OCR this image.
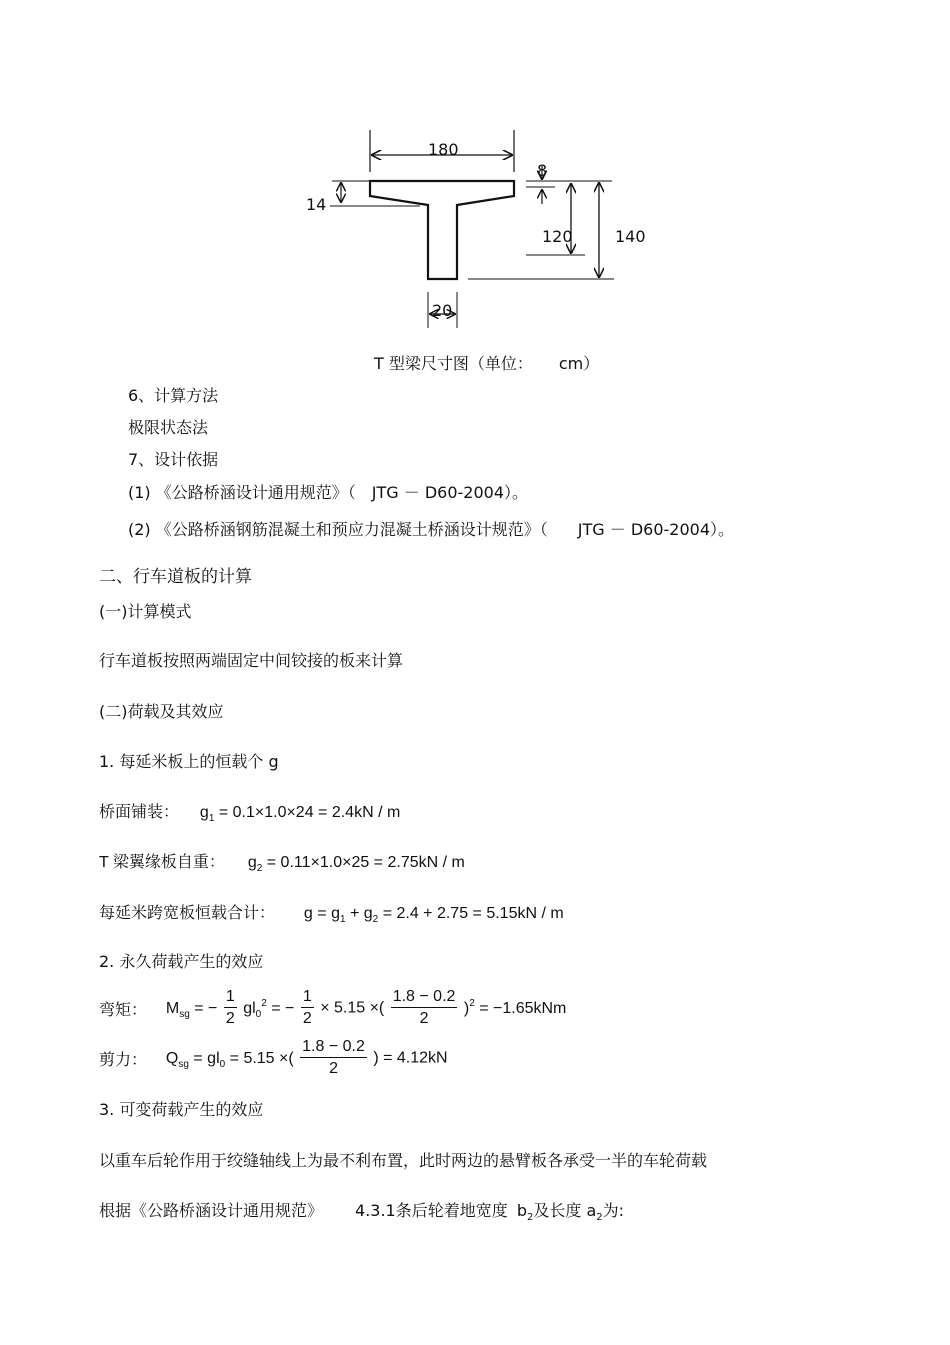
180
8
14
120	140
20
T 型梁尺寸图（单位： cm）
6、计算方法
极限状态法
7、设计依据
(1) 《公路桥涵设计通用规范》（ JTG － D60-2004）。
(2) 《公路桥涵钢筋混凝土和预应力混凝土桥涵设计规范》（ JTG － D60-2004）。
二、行车道板的计算
(一)计算模式
行车道板按照两端固定中间铰接的板来计算
(二)荷载及其效应
1. 每延米板上的恒载个 g
桥面铺装： $g_1 = 0.1\times 1.0\times 24 = 2.4kN / m$
T 梁翼缘板自重： $g_2 = 0.11\times 1.0\times 25 = 2.75kN / m$
每延米跨宽板恒载合计： $g = g_1 + g_2 = 2.4 + 2.75 = 5.15kN / m$
2. 永久荷载产生的效应
弯矩： $M_{sg}$ = − $\frac{1}{2} gl_0^2$ = − $\frac{1}{2} \times 5.15$ ×( $\frac{1.8 - 0.2}{2} )^2 = -1.65kNm$
剪力： $Q_{sg} = gl_0 = 5.15$ ×( $\frac{1.8 - 0.2}{2}$ ) = 4.12kN
3. 可变荷载产生的效应
以重车后轮作用于绞缝轴线上为最不利布置，此时两边的悬臂板各承受一半的车轮荷载
根据《公路桥涵设计通用规范》 4.3.1条后轮着地宽度 $b_2$及长度 $a_2$为:
